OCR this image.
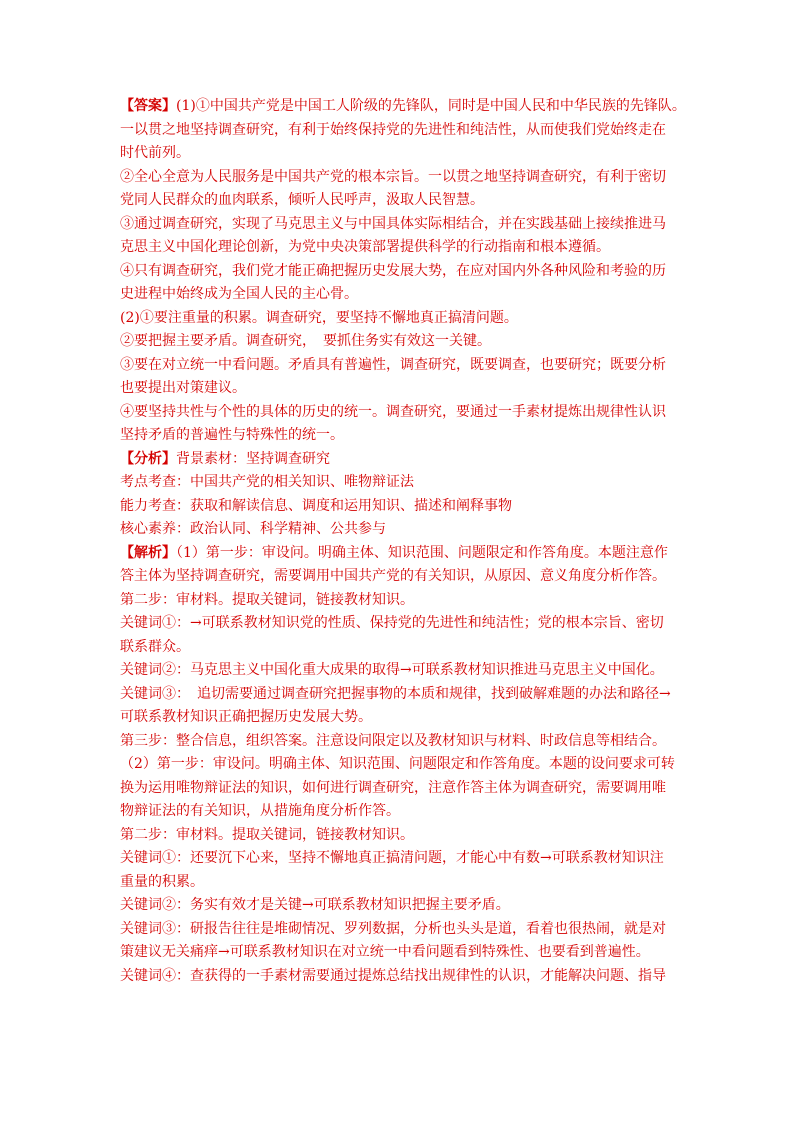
【答案】(1)①中国共产党是中国工人阶级的先锋队，同时是中国人民和中华民族的先锋队。
一以贯之地坚持调查研究，有利于始终保持党的先进性和纯洁性，从而使我们党始终走在
时代前列。
②全心全意为人民服务是中国共产党的根本宗旨。一以贯之地坚持调查研究，有利于密切
党同人民群众的血肉联系，倾听人民呼声，汲取人民智慧。
③通过调查研究，实现了马克思主义与中国具体实际相结合，并在实践基础上接续推进马
克思主义中国化理论创新，为党中央决策部署提供科学的行动指南和根本遵循。
④只有调查研究，我们党才能正确把握历史发展大势，在应对国内外各种风险和考验的历
史进程中始终成为全国人民的主心骨。
(2)①要注重量的积累。调查研究，要坚持不懈地真正搞清问题。
②要把握主要矛盾。调查研究，　要抓住务实有效这一关键。
③要在对立统一中看问题。矛盾具有普遍性，调查研究，既要调查，也要研究；既要分析
也要提出对策建议。
④要坚持共性与个性的具体的历史的统一。调查研究，要通过一手素材提炼出规律性认识
坚持矛盾的普遍性与特殊性的统一。
【分析】背景素材：坚持调查研究
考点考查：中国共产党的相关知识、唯物辩证法
能力考查：获取和解读信息、调度和运用知识、描述和阐释事物
核心素养：政治认同、科学精神、公共参与
【解析】（1）第一步：审设问。明确主体、知识范围、问题限定和作答角度。本题注意作
答主体为坚持调查研究，需要调用中国共产党的有关知识，从原因、意义角度分析作答。
第二步：审材料。提取关键词，链接教材知识。
关键词①：→可联系教材知识党的性质、保持党的先进性和纯洁性；党的根本宗旨、密切
联系群众。
关键词②：马克思主义中国化重大成果的取得→可联系教材知识推进马克思主义中国化。
关键词③：　追切需要通过调查研究把握事物的本质和规律，找到破解难题的办法和路径→
可联系教材知识正确把握历史发展大势。
第三步：整合信息，组织答案。注意设问限定以及教材知识与材料、时政信息等相结合。
（2）第一步：审设问。明确主体、知识范围、问题限定和作答角度。本题的设问要求可转
换为运用唯物辩证法的知识，如何进行调查研究，注意作答主体为调查研究，需要调用唯
物辩证法的有关知识，从措施角度分析作答。
第二步：审材料。提取关键词，链接教材知识。
关键词①：还要沉下心来，坚持不懈地真正搞清问题，才能心中有数→可联系教材知识注
重量的积累。
关键词②：务实有效才是关键→可联系教材知识把握主要矛盾。
关键词③：研报告往往是堆砌情况、罗列数据，分析也头头是道，看着也很热闹，就是对
策建议无关痛痒→可联系教材知识在对立统一中看问题看到特殊性、也要看到普遍性。
关键词④：查获得的一手素材需要通过提炼总结找出规律性的认识，才能解决问题、指导
